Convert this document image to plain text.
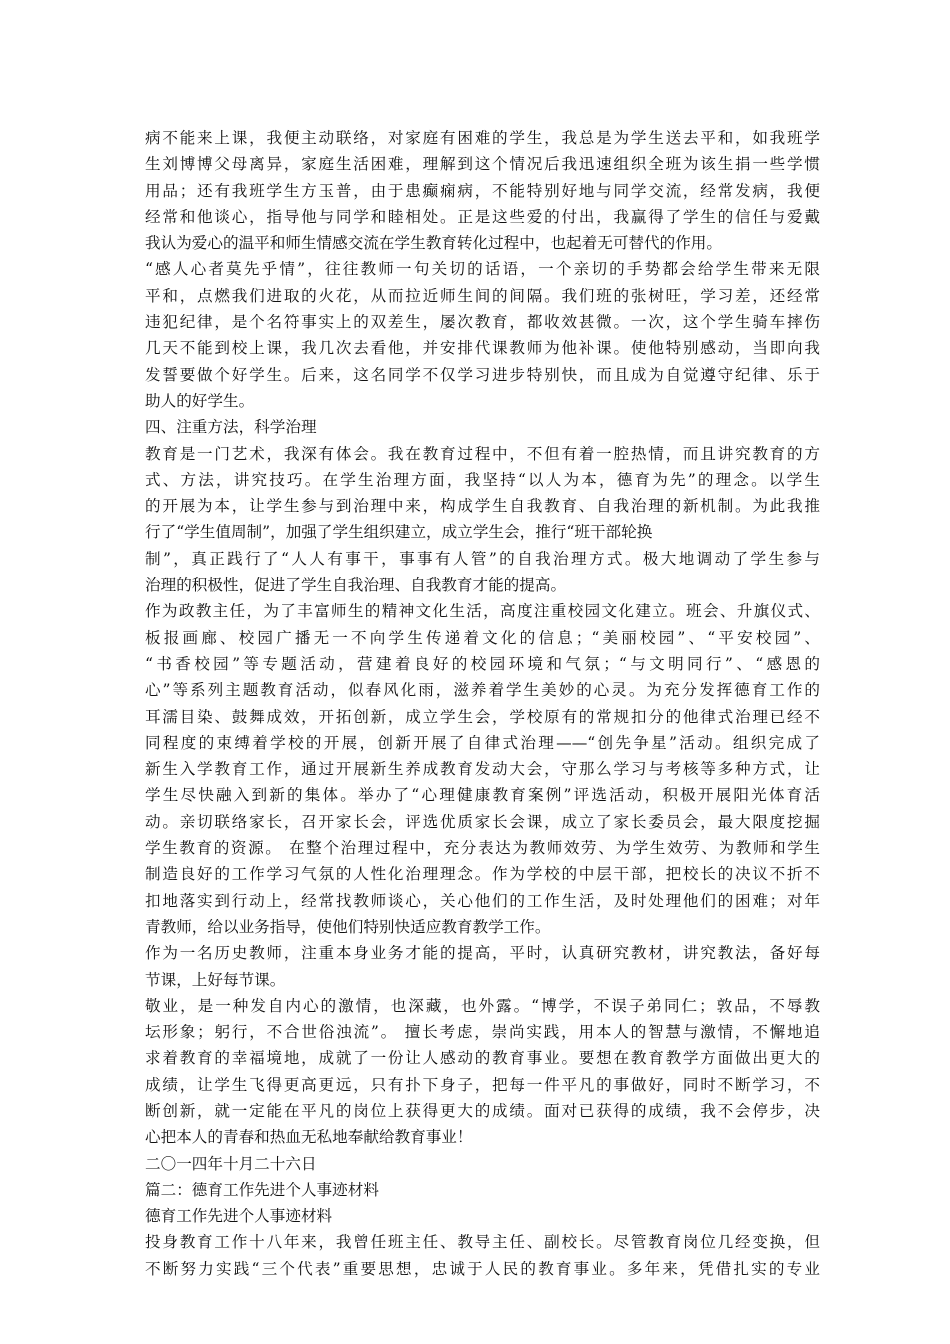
病不能来上课，我便主动联络，对家庭有困难的学生，我总是为学生送去平和，如我班学
生刘博博父母离异，家庭生活困难，理解到这个情况后我迅速组织全班为该生捐一些学惯
用品；还有我班学生方玉普，由于患癫痫病，不能特别好地与同学交流，经常发病，我便
经常和他谈心，指导他与同学和睦相处。正是这些爱的付出，我赢得了学生的信任与爱戴
我认为爱心的温平和师生情感交流在学生教育转化过程中，也起着无可替代的作用。
“感人心者莫先乎情”，往往教师一句关切的话语，一个亲切的手势都会给学生带来无限
平和，点燃我们进取的火花，从而拉近师生间的间隔。我们班的张树旺，学习差，还经常
违犯纪律，是个名符事实上的双差生，屡次教育，都收效甚微。一次，这个学生骑车摔伤
几天不能到校上课，我几次去看他，并安排代课教师为他补课。使他特别感动，当即向我
发誓要做个好学生。后来，这名同学不仅学习进步特别快，而且成为自觉遵守纪律、乐于
助人的好学生。
四、注重方法，科学治理
教育是一门艺术，我深有体会。我在教育过程中，不但有着一腔热情，而且讲究教育的方
式、方法，讲究技巧。在学生治理方面，我坚持“以人为本，德育为先”的理念。以学生
的开展为本，让学生参与到治理中来，构成学生自我教育、自我治理的新机制。为此我推
行了“学生值周制”，加强了学生组织建立，成立学生会，推行“班干部轮换
制”，真正践行了“人人有事干，事事有人管”的自我治理方式。极大地调动了学生参与
治理的积极性，促进了学生自我治理、自我教育才能的提高。
作为政教主任，为了丰富师生的精神文化生活，高度注重校园文化建立。班会、升旗仪式、
板报画廊、校园广播无一不向学生传递着文化的信息；“美丽校园”、“平安校园”、
“书香校园”等专题活动，营建着良好的校园环境和气氛；“与文明同行”、“感恩的
心”等系列主题教育活动，似春风化雨，滋养着学生美妙的心灵。为充分发挥德育工作的
耳濡目染、鼓舞成效，开拓创新，成立学生会，学校原有的常规扣分的他律式治理已经不
同程度的束缚着学校的开展，创新开展了自律式治理——“创先争星”活动。组织完成了
新生入学教育工作，通过开展新生养成教育发动大会，守那么学习与考核等多种方式，让
学生尽快融入到新的集体。举办了“心理健康教育案例”评选活动，积极开展阳光体育活
动。亲切联络家长，召开家长会，评选优质家长会课，成立了家长委员会，最大限度挖掘
学生教育的资源。 在整个治理过程中，充分表达为教师效劳、为学生效劳、为教师和学生
制造良好的工作学习气氛的人性化治理理念。作为学校的中层干部，把校长的决议不折不
扣地落实到行动上，经常找教师谈心，关心他们的工作生活，及时处理他们的困难；对年
青教师，给以业务指导，使他们特别快适应教育教学工作。
作为一名历史教师，注重本身业务才能的提高，平时，认真研究教材，讲究教法，备好每
节课，上好每节课。
敬业，是一种发自内心的激情，也深藏，也外露。“博学，不误子弟同仁；敦品，不辱教
坛形象；躬行，不合世俗浊流”。 擅长考虑，崇尚实践，用本人的智慧与激情，不懈地追
求着教育的幸福境地，成就了一份让人感动的教育事业。要想在教育教学方面做出更大的
成绩，让学生飞得更高更远，只有扑下身子，把每一件平凡的事做好，同时不断学习，不
断创新，就一定能在平凡的岗位上获得更大的成绩。面对已获得的成绩，我不会停步，决
心把本人的青春和热血无私地奉献给教育事业！
二〇一四年十月二十六日
篇二：德育工作先进个人事迹材料
德育工作先进个人事迹材料
投身教育工作十八年来，我曾任班主任、教导主任、副校长。尽管教育岗位几经变换，但
不断努力实践“三个代表”重要思想，忠诚于人民的教育事业。多年来，凭借扎实的专业
